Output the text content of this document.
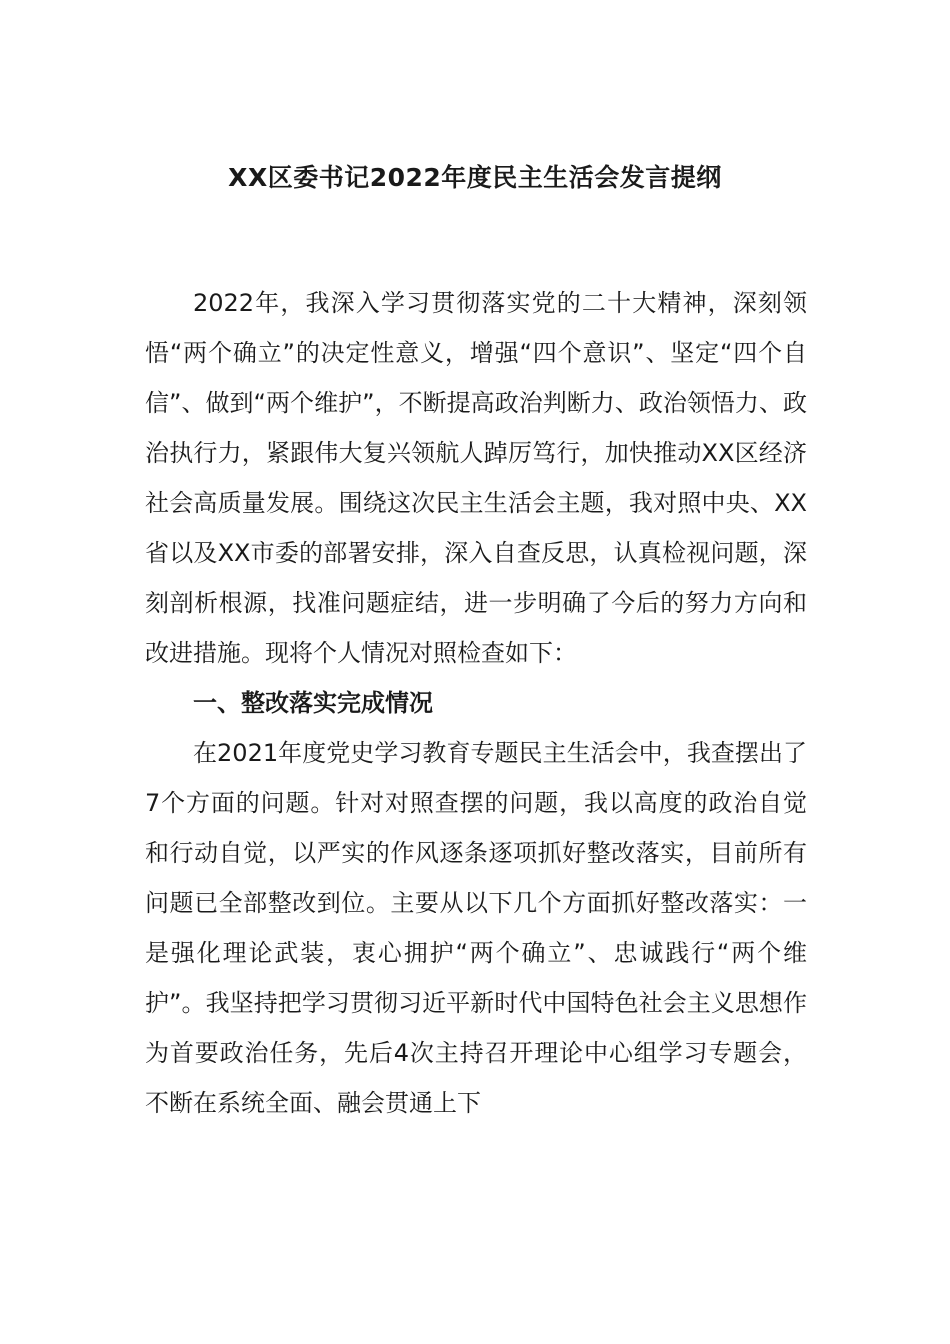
XX区委书记2022年度民主生活会发言提纲

2022年，我深入学习贯彻落实党的二十大精神，深刻领悟“两个确立”的决定性意义，增强“四个意识”、坚定“四个自信”、做到“两个维护”，不断提高政治判断力、政治领悟力、政治执行力，紧跟伟大复兴领航人踔厉笃行，加快推动XX区经济社会高质量发展。围绕这次民主生活会主题，我对照中央、XX省以及XX市委的部署安排，深入自查反思，认真检视问题，深刻剖析根源，找准问题症结，进一步明确了今后的努力方向和改进措施。现将个人情况对照检查如下：

一、整改落实完成情况

在2021年度党史学习教育专题民主生活会中，我查摆出了7个方面的问题。针对对照查摆的问题，我以高度的政治自觉和行动自觉，以严实的作风逐条逐项抓好整改落实，目前所有问题已全部整改到位。主要从以下几个方面抓好整改落实：一是强化理论武装，衷心拥护“两个确立”、忠诚践行“两个维护”。我坚持把学习贯彻习近平新时代中国特色社会主义思想作为首要政治任务，先后4次主持召开理论中心组学习专题会，不断在系统全面、融会贯通上下
